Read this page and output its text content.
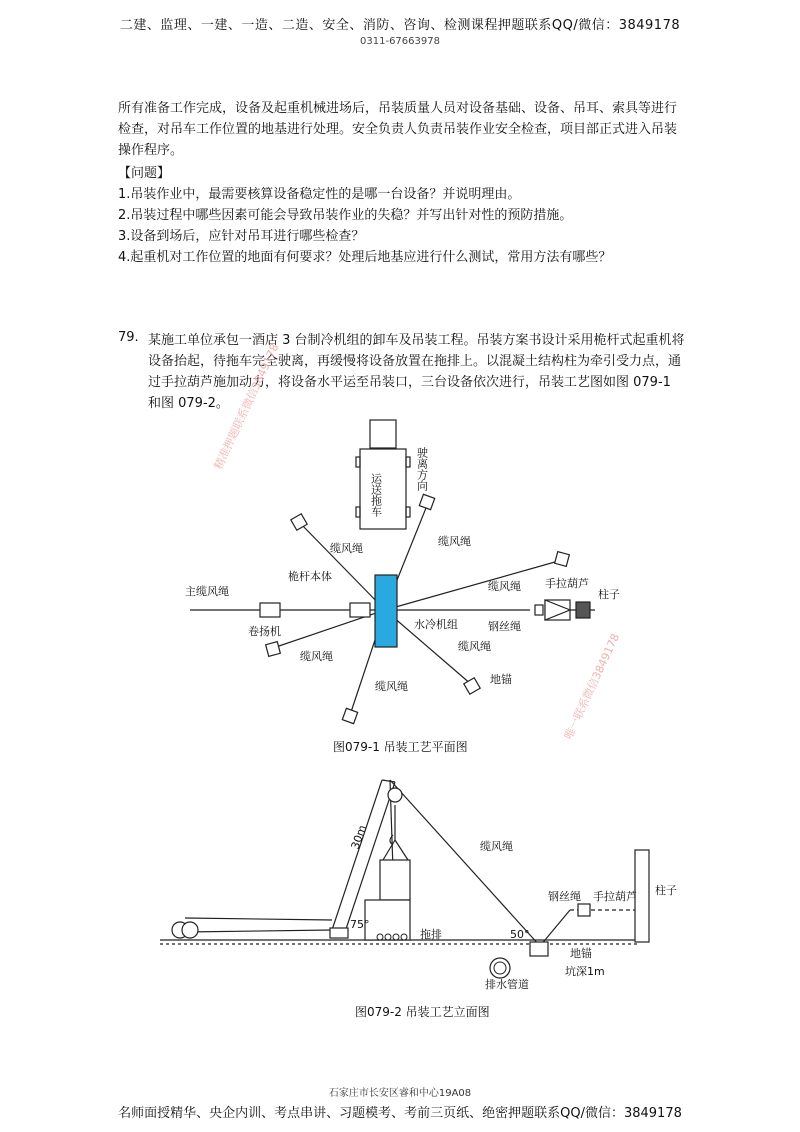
二建、监理、一建、一造、二造、安全、消防、咨询、检测课程押题联系QQ/微信：3849178
0311-67663978
所有准备工作完成，设备及起重机械进场后，吊装质量人员对设备基础、设备、吊耳、索具等进行检查，对吊车工作位置的地基进行处理。安全负责人负责吊装作业安全检查，项目部正式进入吊装操作程序。
【问题】
1.吊装作业中，最需要核算设备稳定性的是哪一台设备？并说明理由。
2.吊装过程中哪些因素可能会导致吊装作业的失稳？并写出针对性的预防措施。
3.设备到场后，应针对吊耳进行哪些检查？
4.起重机对工作位置的地面有何要求？处理后地基应进行什么测试，常用方法有哪些？
79. 某施工单位承包一酒店 3 台制冷机组的卸车及吊装工程。吊装方案书设计采用桅杆式起重机将设备抬起，待拖车完全驶离，再缓慢将设备放置在拖排上。以混凝土结构柱为牵引受力点，通过手拉葫芦施加动力，将设备水平运至吊装口，三台设备依次进行，吊装工艺图如图 079-1 和图 079-2。
运送拖车
驶离方向
缆风绳
缆风绳
缆风绳
缆风绳
缆风绳
缆风绳
主缆风绳
桅杆本体
卷扬机
水冷机组	钢丝绳
手拉葫芦
柱子
地锚
图079-1 吊装工艺平面图
30m	缆风绳
钢丝绳 手拉葫芦 柱子
75°
50°
拖排
地锚
坑深1m
排水管道
图079-2 吊装工艺立面图
精准押题联系微信3849178
唯一联系微信3849178
石家庄市长安区睿和中心19A08
名师面授精华、央企内训、考点串讲、习题模考、考前三页纸、绝密押题联系QQ/微信：3849178
